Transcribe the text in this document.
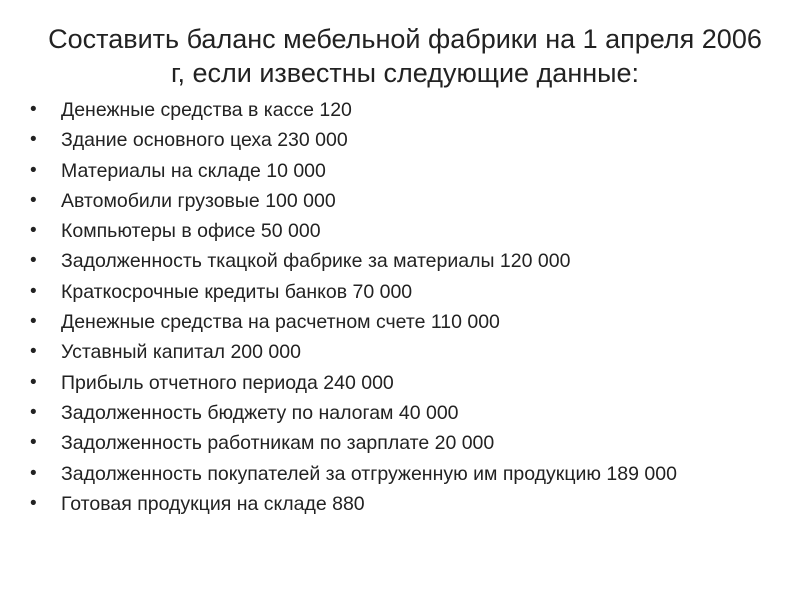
Составить баланс мебельной фабрики на 1 апреля 2006
г, если известны следующие данные:
• Денежные средства в кассе 120
• Здание основного цеха 230 000
• Материалы на складе 10 000
• Автомобили грузовые 100 000
• Компьютеры в офисе 50 000
• Задолженность ткацкой фабрике за материалы 120 000
• Краткосрочные кредиты банков 70 000
• Денежные средства на расчетном счете 110 000
• Уставный капитал 200 000
• Прибыль отчетного периода 240 000
• Задолженность бюджету по налогам 40 000
• Задолженность работникам по зарплате 20 000
• Задолженность покупателей за отгруженную им продукцию 189 000
• Готовая продукция на складе 880
